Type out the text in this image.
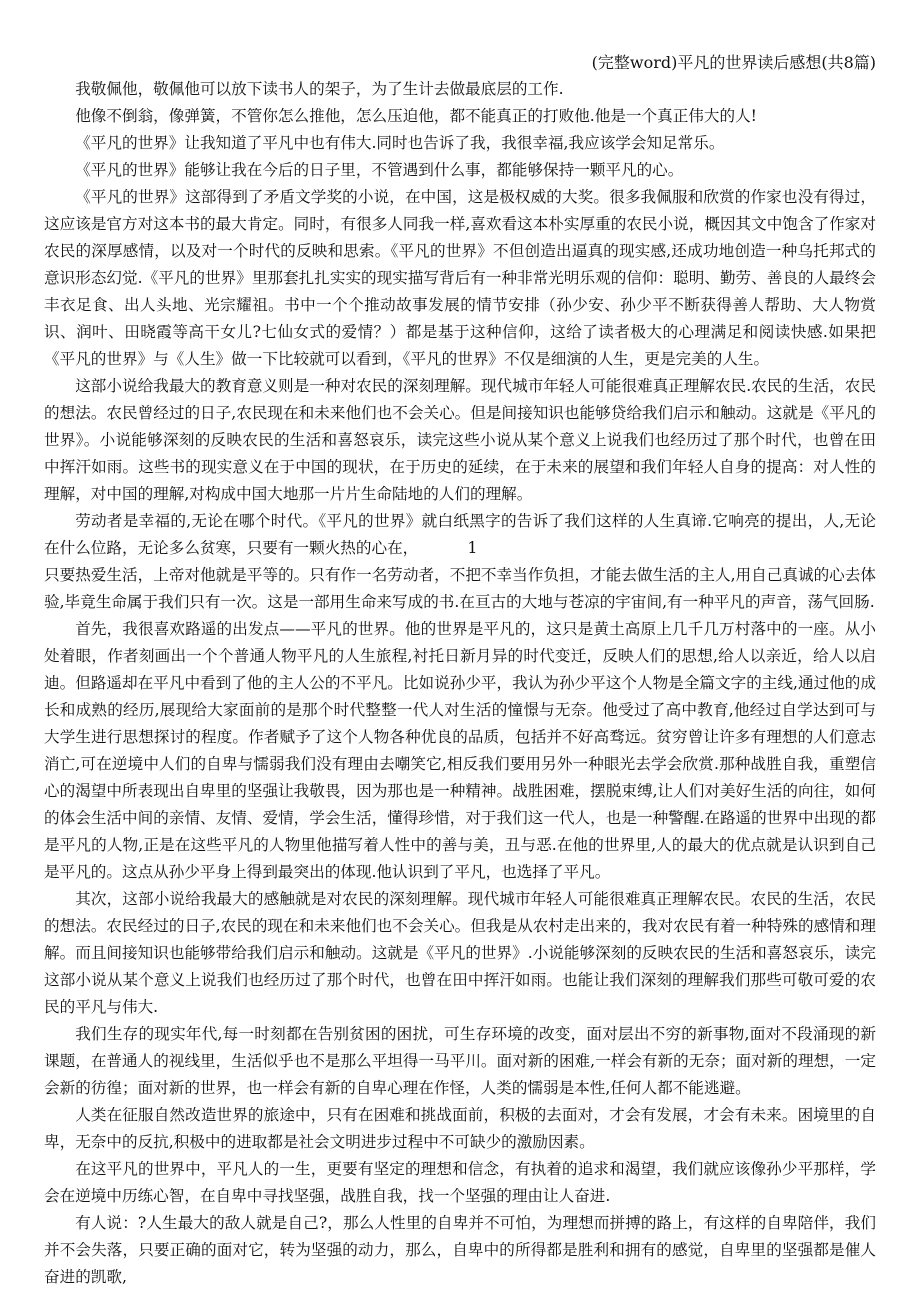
(完整word)平凡的世界读后感想(共8篇)

我敬佩他，敬佩他可以放下读书人的架子，为了生计去做最底层的工作.

他像不倒翁，像弹簧，不管你怎么推他，怎么压迫他，都不能真正的打败他.他是一个真正伟大的人!

《平凡的世界》让我知道了平凡中也有伟大.同时也告诉了我，我很幸福,我应该学会知足常乐。

《平凡的世界》能够让我在今后的日子里，不管遇到什么事，都能够保持一颗平凡的心。

《平凡的世界》这部得到了矛盾文学奖的小说，在中国，这是极权威的大奖。很多我佩服和欣赏的作家也没有得过，这应该是官方对这本书的最大肯定。同时，有很多人同我一样,喜欢看这本朴实厚重的农民小说，概因其文中饱含了作家对农民的深厚感情，以及对一个时代的反映和思索。《平凡的世界》不但创造出逼真的现实感,还成功地创造一种乌托邦式的意识形态幻觉.《平凡的世界》里那套扎扎实实的现实描写背后有一种非常光明乐观的信仰：聪明、勤劳、善良的人最终会丰衣足食、出人头地、光宗耀祖。书中一个个推动故事发展的情节安排（孙少安、孙少平不断获得善人帮助、大人物赏识、润叶、田晓霞等高干女儿?七仙女式的爱情？）都是基于这种信仰，这给了读者极大的心理满足和阅读快感.如果把《平凡的世界》与《人生》做一下比较就可以看到，《平凡的世界》不仅是细演的人生，更是完美的人生。

这部小说给我最大的教育意义则是一种对农民的深刻理解。现代城市年轻人可能很难真正理解农民.农民的生活，农民的想法。农民曾经过的日子,农民现在和未来他们也不会关心。但是间接知识也能够贷给我们启示和触动。这就是《平凡的世界》。小说能够深刻的反映农民的生活和喜怒哀乐，读完这些小说从某个意义上说我们也经历过了那个时代，也曾在田中挥汗如雨。这些书的现实意义在于中国的现状，在于历史的延续，在于未来的展望和我们年轻人自身的提高：对人性的理解，对中国的理解,对构成中国大地那一片片生命陆地的人们的理解。

劳动者是幸福的,无论在哪个时代。《平凡的世界》就白纸黑字的告诉了我们这样的人生真谛.它响亮的提出，人,无论在什么位路，无论多么贫寒，只要有一颗火热的心在，	1

只要热爱生活，上帝对他就是平等的。只有作一名劳动者，不把不幸当作负担，才能去做生活的主人,用自己真诚的心去体验,毕竟生命属于我们只有一次。这是一部用生命来写成的书.在亘古的大地与苍凉的宇宙间,有一种平凡的声音，荡气回肠.

首先，我很喜欢路遥的出发点——平凡的世界。他的世界是平凡的，这只是黄土高原上几千几万村落中的一座。从小处着眼，作者刻画出一个个普通人物平凡的人生旅程,衬托日新月异的时代变迁，反映人们的思想,给人以亲近，给人以启迪。但路遥却在平凡中看到了他的主人公的不平凡。比如说孙少平，我认为孙少平这个人物是全篇文字的主线,通过他的成长和成熟的经历,展现给大家面前的是那个时代整整一代人对生活的憧憬与无奈。他受过了高中教育,他经过自学达到可与大学生进行思想探讨的程度。作者赋予了这个人物各种优良的品质，包括并不好高骛远。贫穷曾让许多有理想的人们意志消亡,可在逆境中人们的自卑与懦弱我们没有理由去嘲笑它,相反我们要用另外一种眼光去学会欣赏.那种战胜自我，重塑信心的渴望中所表现出自卑里的坚强让我敬畏，因为那也是一种精神。战胜困难，摆脱束缚,让人们对美好生活的向往，如何的体会生活中间的亲情、友情、爱情，学会生活，懂得珍惜，对于我们这一代人，也是一种警醒.在路遥的世界中出现的都是平凡的人物,正是在这些平凡的人物里他描写着人性中的善与美，丑与恶.在他的世界里,人的最大的优点就是认识到自己是平凡的。这点从孙少平身上得到最突出的体现.他认识到了平凡，也选择了平凡。

其次，这部小说给我最大的感触就是对农民的深刻理解。现代城市年轻人可能很难真正理解农民。农民的生活，农民的想法。农民经过的日子,农民的现在和未来他们也不会关心。但我是从农村走出来的，我对农民有着一种特殊的感情和理解。而且间接知识也能够带给我们启示和触动。这就是《平凡的世界》.小说能够深刻的反映农民的生活和喜怒哀乐，读完这部小说从某个意义上说我们也经历过了那个时代，也曾在田中挥汗如雨。也能让我们深刻的理解我们那些可敬可爱的农民的平凡与伟大.

我们生存的现实年代,每一时刻都在告别贫困的困扰，可生存环境的改变，面对层出不穷的新事物,面对不段涌现的新课题，在普通人的视线里，生活似乎也不是那么平坦得一马平川。面对新的困难,一样会有新的无奈；面对新的理想，一定会新的彷徨；面对新的世界，也一样会有新的自卑心理在作怪，人类的懦弱是本性,任何人都不能逃避。

人类在征服自然改造世界的旅途中，只有在困难和挑战面前，积极的去面对，才会有发展，才会有未来。困境里的自卑，无奈中的反抗,积极中的进取都是社会文明进步过程中不可缺少的激励因素。

在这平凡的世界中，平凡人的一生，更要有坚定的理想和信念，有执着的追求和渴望，我们就应该像孙少平那样，学会在逆境中历练心智，在自卑中寻找坚强，战胜自我，找一个坚强的理由让人奋进.

有人说：?人生最大的敌人就是自己?，那么人性里的自卑并不可怕，为理想而拼搏的路上，有这样的自卑陪伴，我们并不会失落，只要正确的面对它，转为坚强的动力，那么，自卑中的所得都是胜利和拥有的感觉，自卑里的坚强都是催人奋进的凯歌,
